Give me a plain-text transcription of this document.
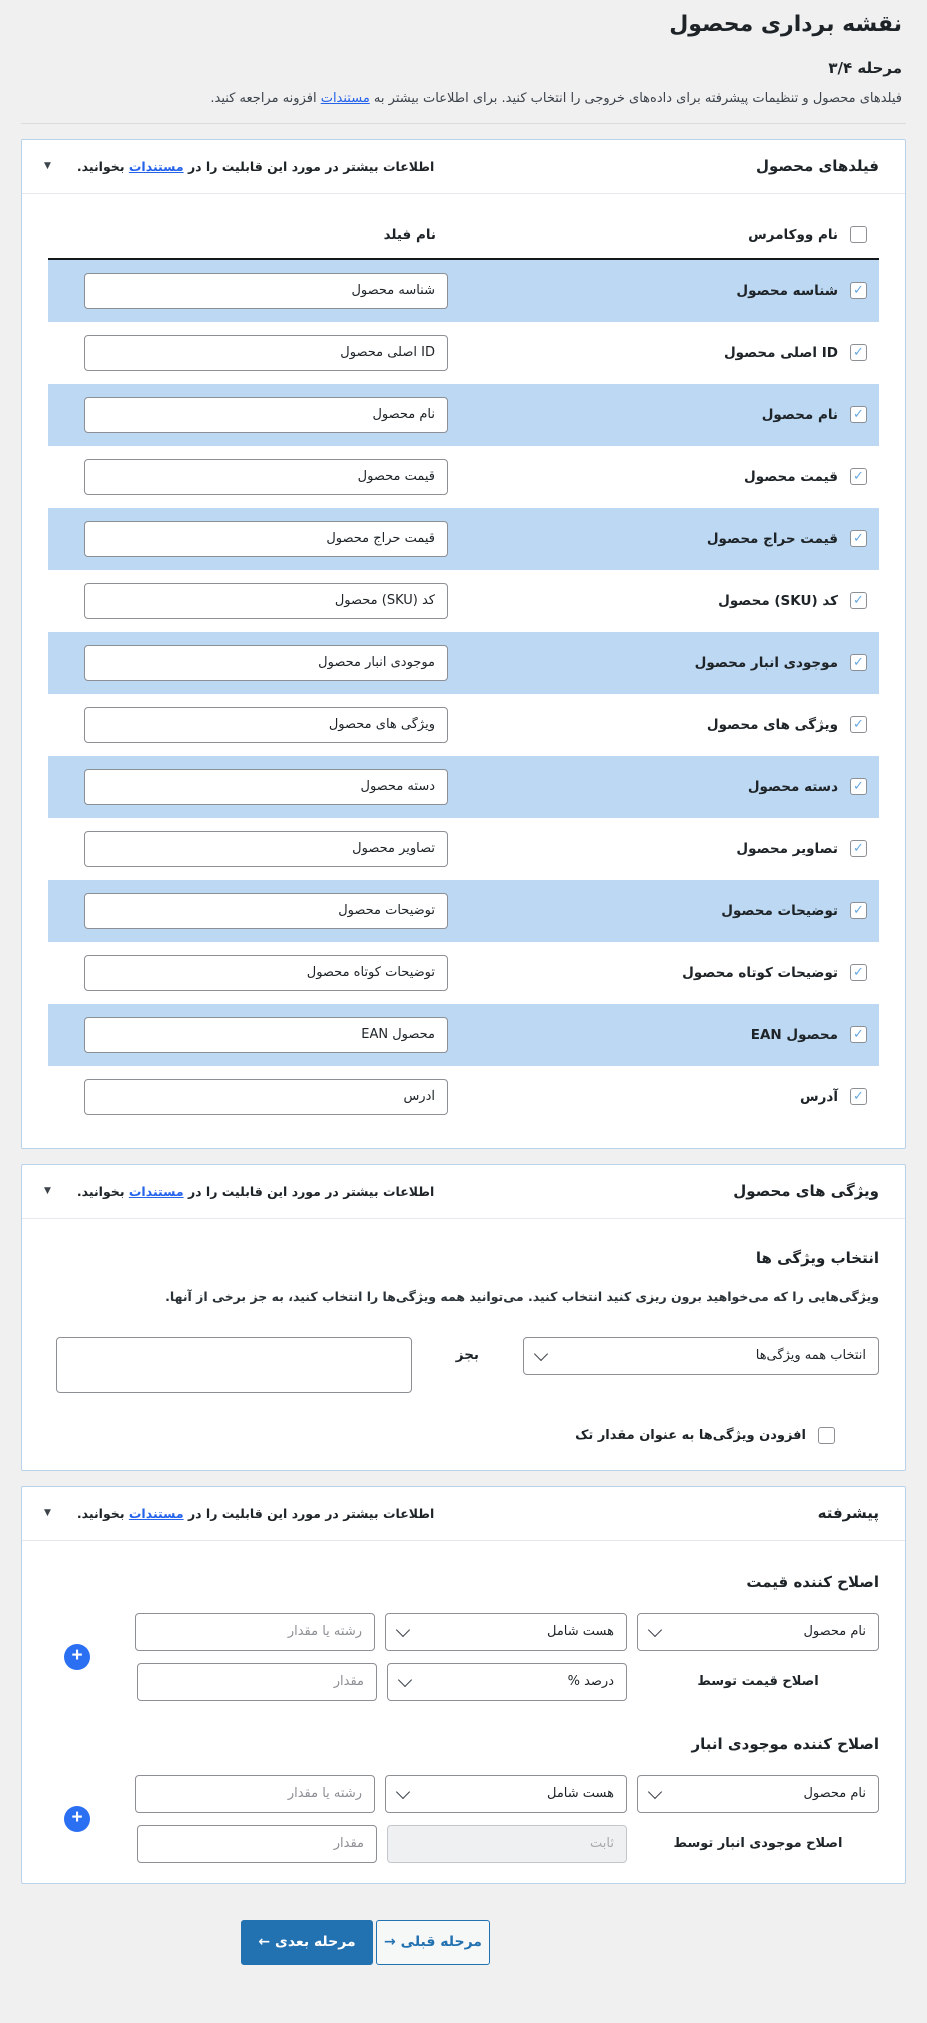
نقشه برداری محصول
مرحله ۳/۴
فیلدهای محصول و تنظیمات پیشرفته برای داده‌های خروجی را انتخاب کنید. برای اطلاعات بیشتر به مستندات افزونه مراجعه کنید.
فیلدهای محصول
اطلاعات بیشتر در مورد این قابلیت را در مستندات بخوانید.
▼
نام ووکامرس
نام فیلد
✓
شناسه محصول
شناسه محصول
✓
ID اصلی محصول
ID اصلی محصول
✓
نام محصول
نام محصول
✓
قیمت محصول
قیمت محصول
✓
قیمت حراج محصول
قیمت حراج محصول
✓
کد (SKU) محصول
کد (SKU) محصول
✓
موجودی انبار محصول
موجودی انبار محصول
✓
ویژگی های محصول
ویژگی های محصول
✓
دسته محصول
دسته محصول
✓
تصاویر محصول
تصاویر محصول
✓
توضیحات محصول
توضیحات محصول
✓
توضیحات کوتاه محصول
توضیحات کوتاه محصول
✓
محصول EAN
محصول EAN
✓
آدرس
آدرس
ویژگی های محصول
اطلاعات بیشتر در مورد این قابلیت را در مستندات بخوانید.
▼
انتخاب ویژگی ها
ویژگی‌هایی را که می‌خواهید برون ریزی کنید انتخاب کنید. می‌توانید همه ویژگی‌ها را انتخاب کنید، به جز برخی از آنها.
انتخاب همه ویژگی‌ها
بجز
افزودن ویژگی‌ها به عنوان مقدار تک
پیشرفته
اطلاعات بیشتر در مورد این قابلیت را در مستندات بخوانید.
▼
اصلاح کننده قیمت
+
نام محصول
هست شامل
رشته یا مقدار
اصلاح قیمت توسط
درصد %
مقدار
اصلاح کننده موجودی انبار
+
نام محصول
هست شامل
رشته یا مقدار
اصلاح موجودی انبار توسط
ثابت
مقدار
مرحله قبلی →
مرحله بعدی ←
